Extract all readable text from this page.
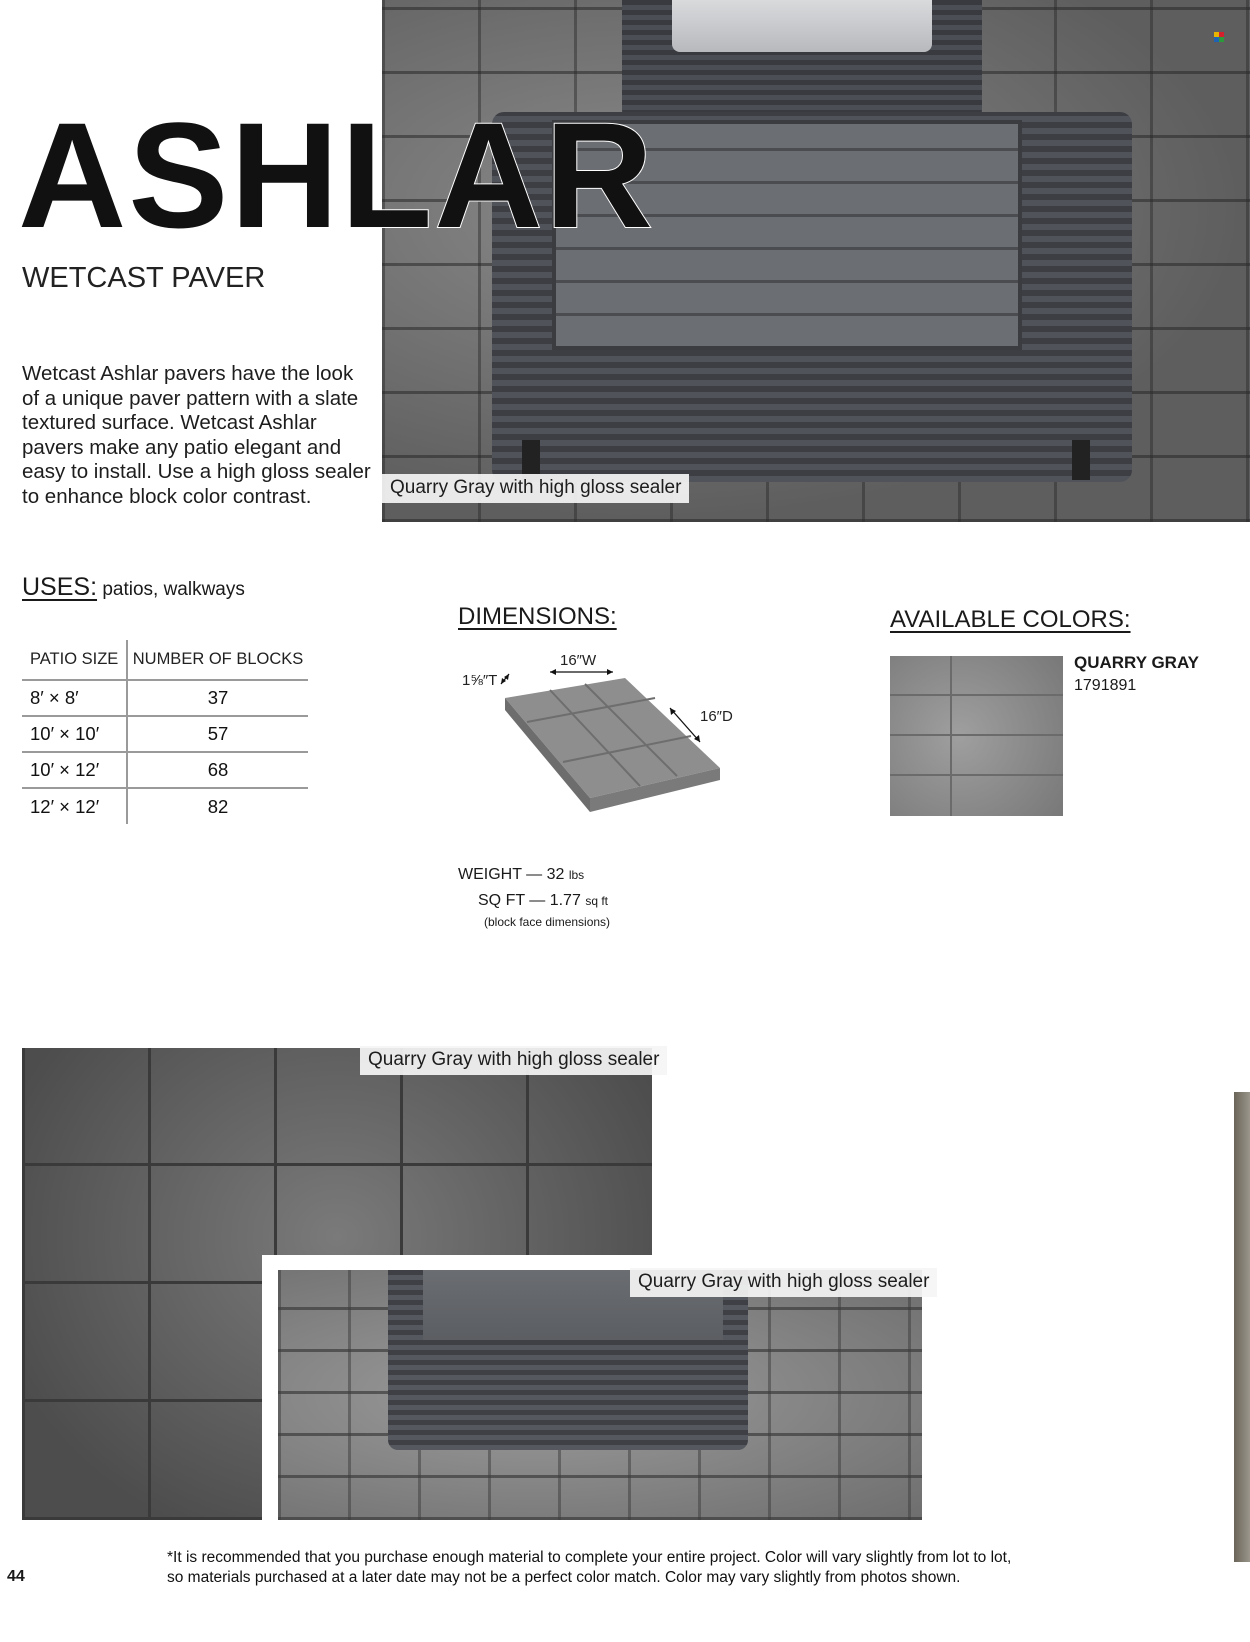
Quarry Gray with high gloss sealer
ASHLAR
WETCAST PAVER

Wetcast Ashlar pavers have the look of a unique paver pattern with a slate textured surface. Wetcast Ashlar pavers make any patio elegant and easy to install. Use a high gloss sealer to enhance block color contrast.

USES: patios, walkways
PATIO SIZE	NUMBER OF BLOCKS
8′ × 8′	37
10′ × 10′	57
10′ × 12′	68
12′ × 12′	82
DIMENSIONS:
16″W
1⅝″T
16″D
WEIGHT — 32 lbs
SQ FT — 1.77 sq ft
(block face dimensions)
AVAILABLE COLORS:
QUARRY GRAY
1791891
Quarry Gray with high gloss sealer
Quarry Gray with high gloss sealer
*It is recommended that you purchase enough material to complete your entire project. Color will vary slightly from lot to lot,
so materials purchased at a later date may not be a perfect color match. Color may vary slightly from photos shown.
44
